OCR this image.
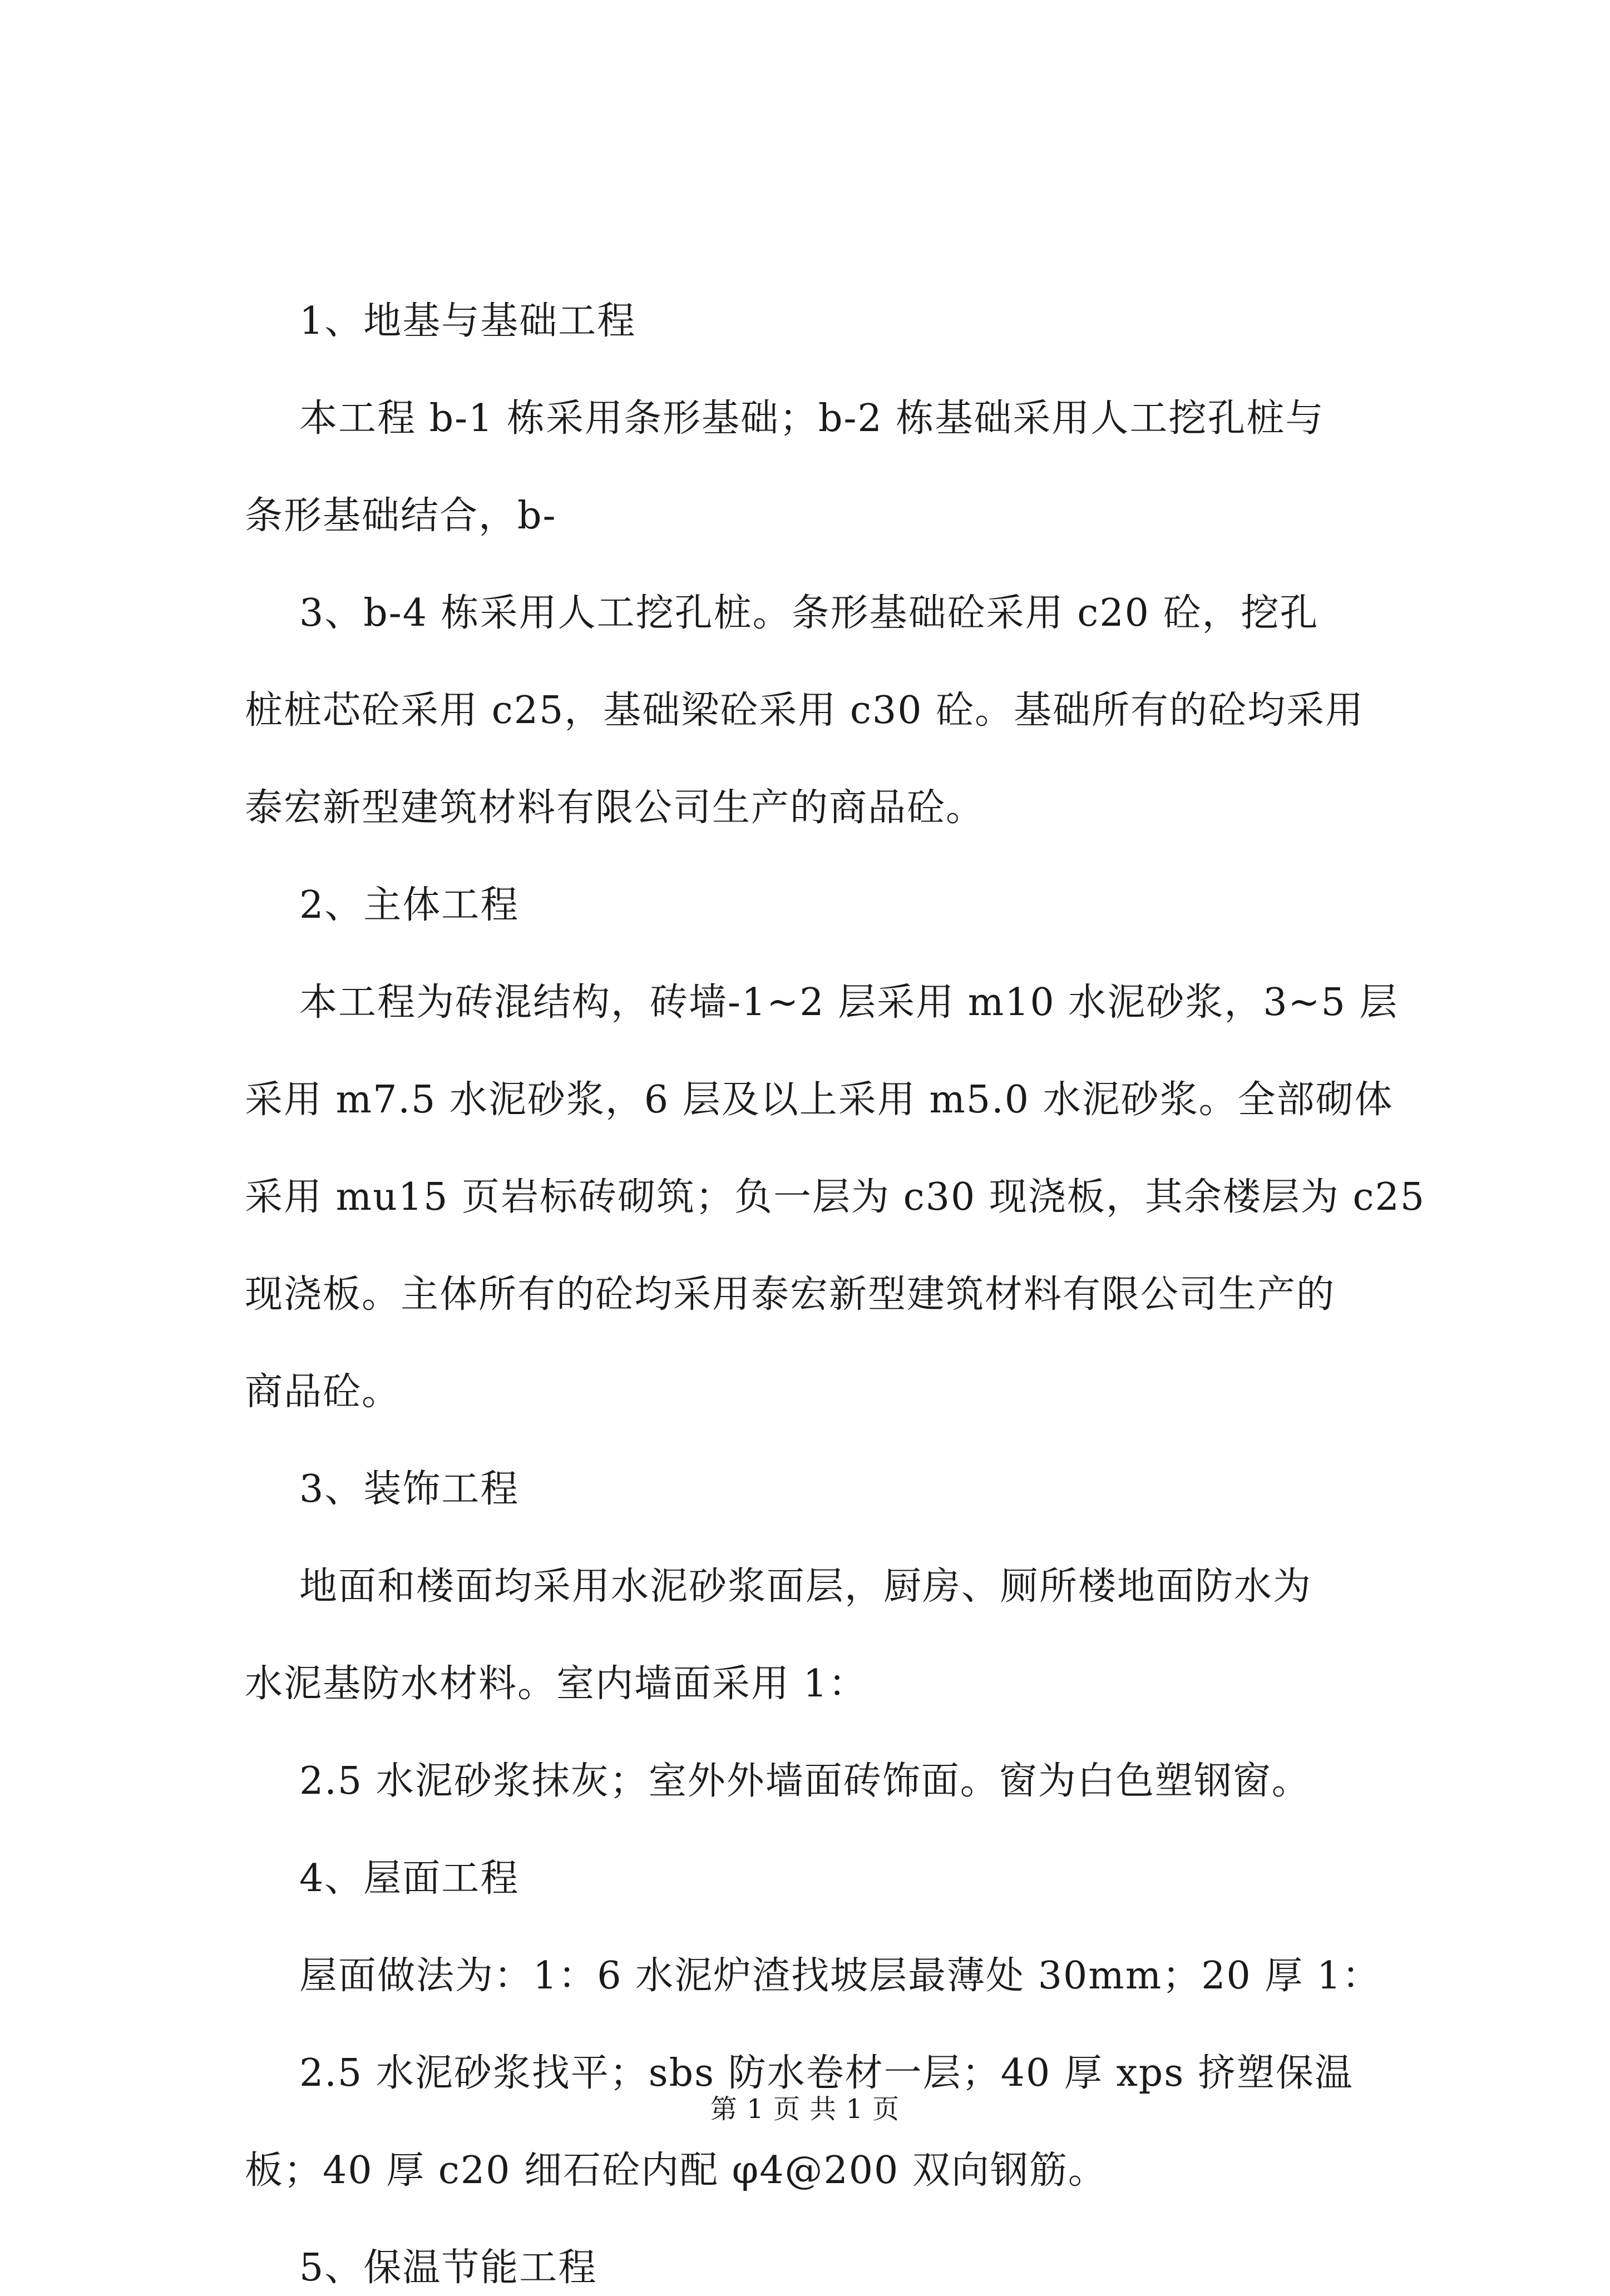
1、地基与基础工程
本工程 b-1 栋采用条形基础；b-2 栋基础采用人工挖孔桩与
条形基础结合，b-
3、b-4 栋采用人工挖孔桩。条形基础砼采用 c20 砼，挖孔
桩桩芯砼采用 c25，基础梁砼采用 c30 砼。基础所有的砼均采用
泰宏新型建筑材料有限公司生产的商品砼。
2、主体工程
本工程为砖混结构，砖墙-1~2 层采用 m10 水泥砂浆，3~5 层
采用 m7.5 水泥砂浆，6 层及以上采用 m5.0 水泥砂浆。全部砌体
采用 mu15 页岩标砖砌筑；负一层为 c30 现浇板，其余楼层为 c25
现浇板。主体所有的砼均采用泰宏新型建筑材料有限公司生产的
商品砼。
3、装饰工程
地面和楼面均采用水泥砂浆面层，厨房、厕所楼地面防水为
水泥基防水材料。室内墙面采用 1：
2.5 水泥砂浆抹灰；室外外墙面砖饰面。窗为白色塑钢窗。
4、屋面工程
屋面做法为：1：6 水泥炉渣找坡层最薄处 30mm；20 厚 1：
2.5 水泥砂浆找平；sbs 防水卷材一层；40 厚 xps 挤塑保温
板；40 厚 c20 细石砼内配 φ4@200 双向钢筋。
5、保温节能工程
第 1 页 共 1 页
